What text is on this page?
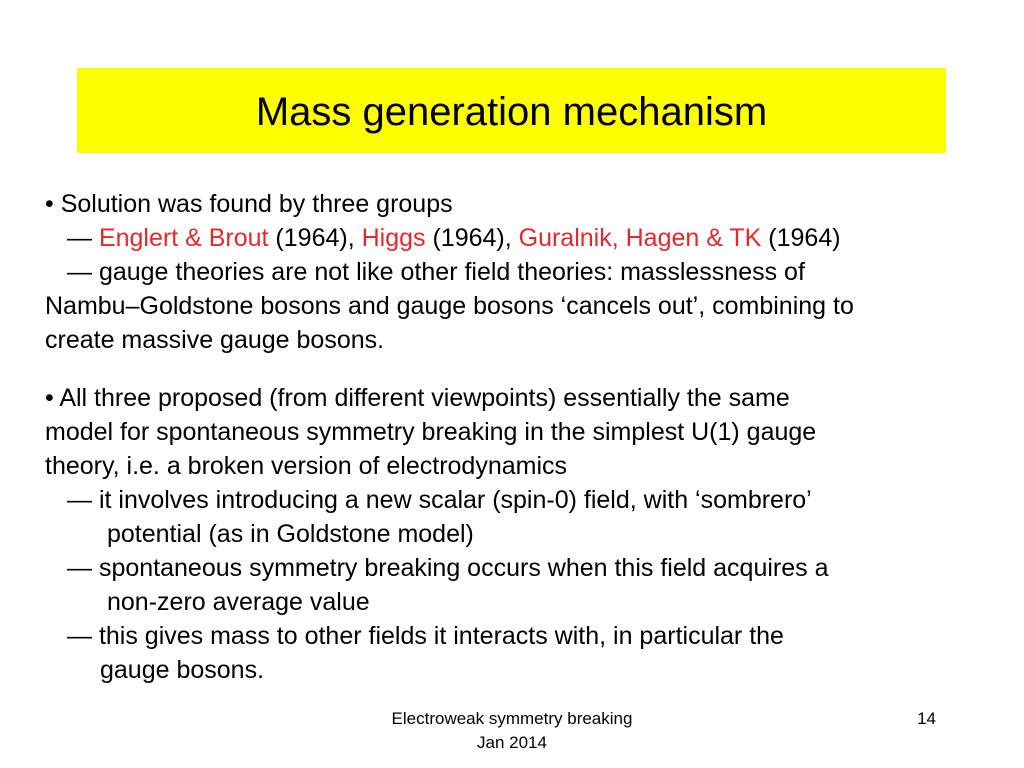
Mass generation mechanism

• Solution was found by three groups

— Englert & Brout (1964), Higgs (1964), Guralnik, Hagen & TK (1964)

— gauge theories are not like other field theories: masslessness of

Nambu–Goldstone bosons and gauge bosons ‘cancels out’, combining to

create massive gauge bosons.

• All three proposed (from different viewpoints) essentially the same

model for spontaneous symmetry breaking in the simplest U(1) gauge

theory, i.e. a broken version of electrodynamics

— it involves introducing a new scalar (spin-0) field, with ‘sombrero’

potential (as in Goldstone model)

— spontaneous symmetry breaking occurs when this field acquires a

non-zero average value

— this gives mass to other fields it interacts with, in particular the

gauge bosons.

Electroweak symmetry breaking
Jan 2014
14
